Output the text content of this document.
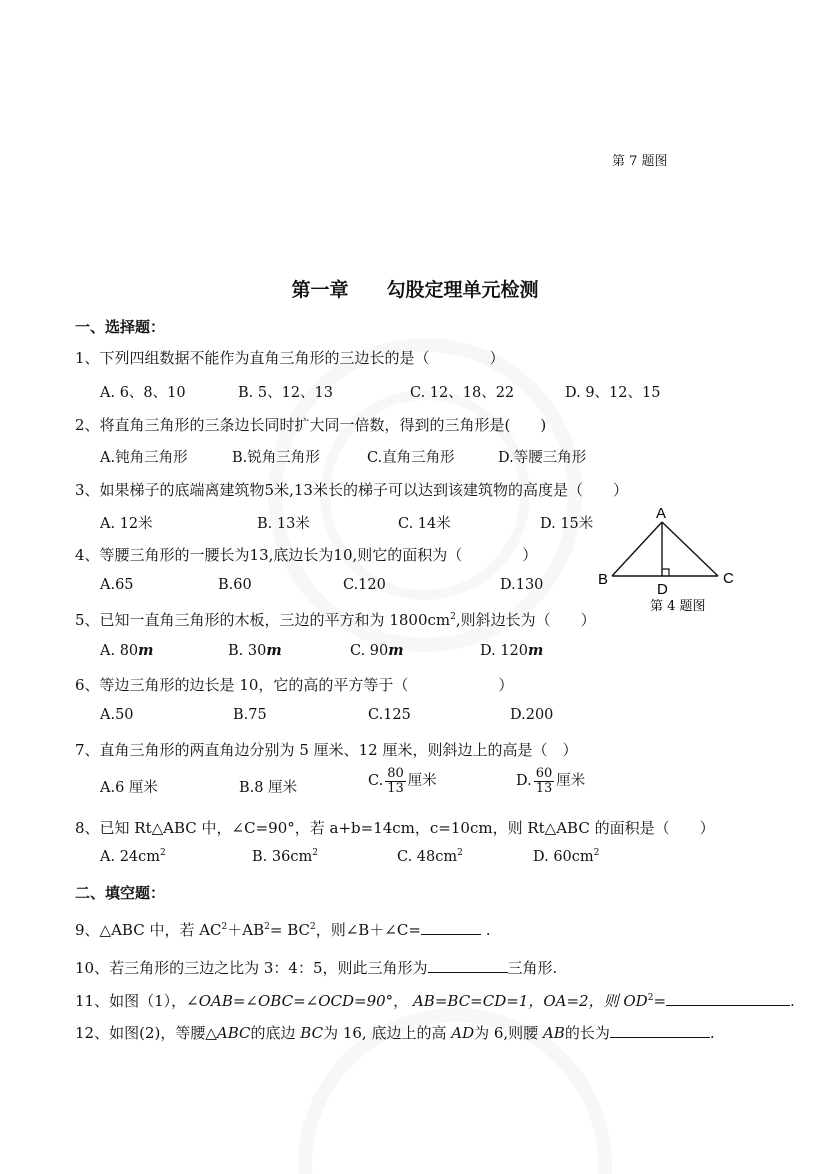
第 7 题图
第一章 勾股定理单元检测
一、选择题：
1、下列四组数据不能作为直角三角形的三边长的是（　　　　）
A. 6、8、10	B. 5、12、13	C. 12、18、22	D. 9、12、15
2、将直角三角形的三条边长同时扩大同一倍数，得到的三角形是(　　)
A.钝角三角形	B.锐角三角形	C.直角三角形	D.等腰三角形
3、如果梯子的底端离建筑物5米,13米长的梯子可以达到该建筑物的高度是（　　）
A. 12米	B. 13米	C. 14米	D. 15米
A
B	C
D
第 4 题图
4、等腰三角形的一腰长为13,底边长为10,则它的面积为（　　　　）
A.65	B.60	C.120	D.130
5、已知一直角三角形的木板，三边的平方和为 $1800cm^2$,则斜边长为（　　）
A. 80m	B. 30m	C. 90m	D. 120m
6、等边三角形的边长是 10，它的高的平方等于（　　　　　　）
A.50	B.75	C.125	D.200
7、直角三角形的两直角边分别为 5 厘米、12 厘米，则斜边上的高是（　）
A.6 厘米	B.8 厘米	C. $\frac{80}{13}$ 厘米	D. $\frac{60}{13}$ 厘米
8、已知 Rt△ABC 中，∠C=90°，若 a+b=14cm，c=10cm，则 Rt△ABC 的面积是（　　）
A. $24cm^2$	B. $36cm^2$	C. $48cm^2$	D. $60cm^2$
二、填空题：
9、△ABC 中，若 $AC^2+AB^2= BC^2$，则∠B＋∠C=	.
10、若三角形的三边之比为 3：4：5，则此三角形为	三角形.
11、如图（1），∠OAB=∠OBC=∠OCD=90°， AB=BC=CD=1，OA=2，则 $OD^2=$	.
12、如图(2)，等腰△ABC的底边 BC为 16, 底边上的高 AD为 6,则腰 AB的长为	.
